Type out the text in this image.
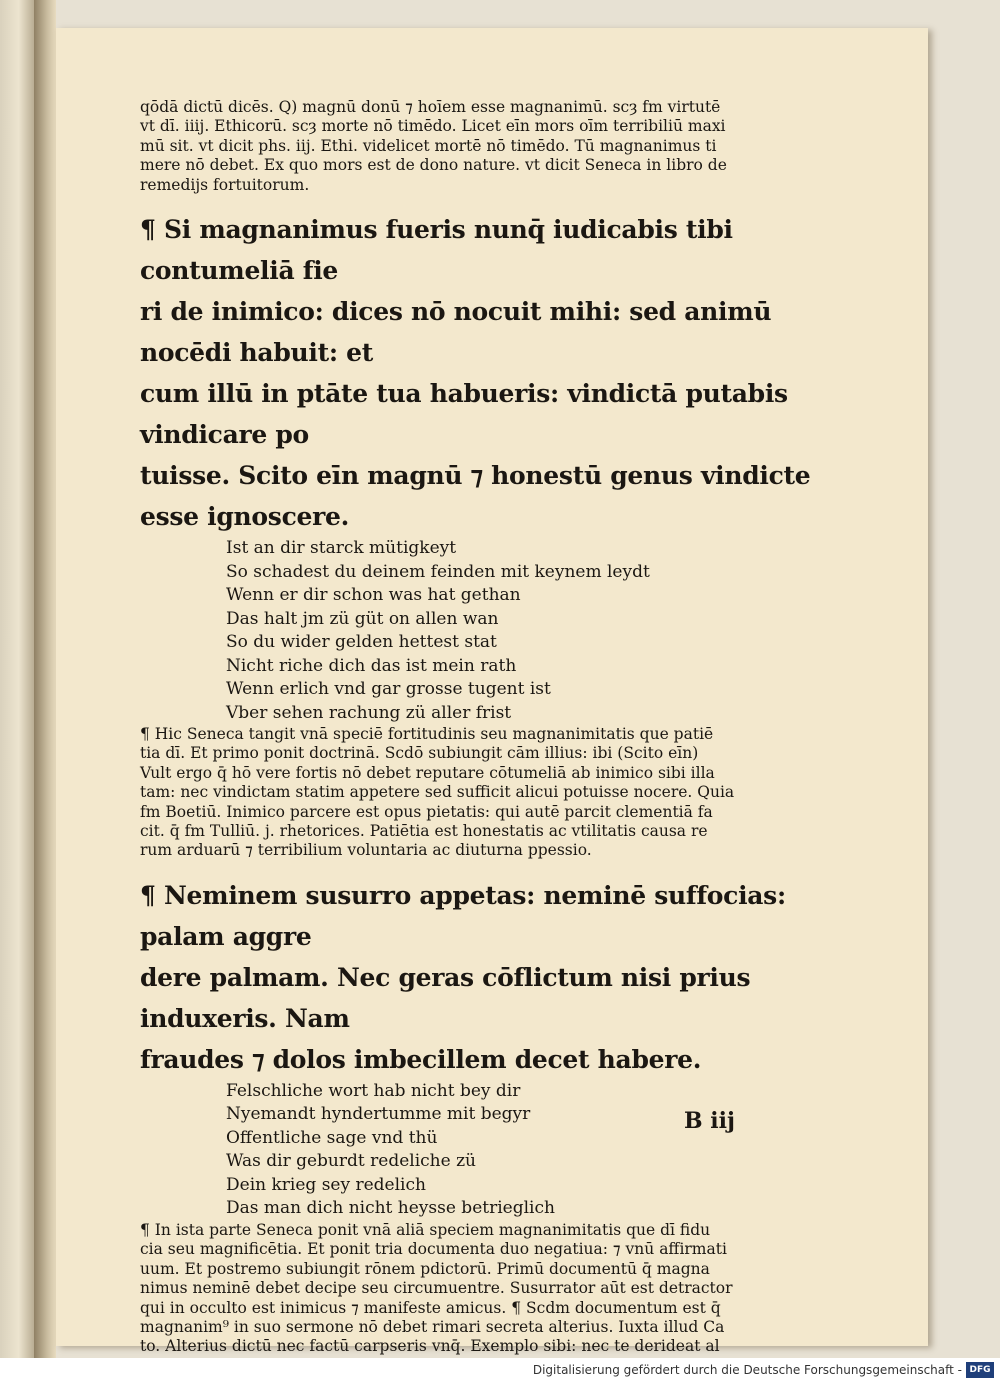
qōdā dictū dicēs. Q) magnū donū ⁊ hoīem esse magnanimū. scȝ fm virtutē
vt dī. iiij. Ethicorū. scȝ morte nō timēdo. Licet eīn mors oīm terribiliū maxi
mū sit. vt dicit phs. iij. Ethi. videlicet mortē nō timēdo. Tū magnanimus ti
mere nō debet. Ex quo mors est de dono nature. vt dicit Seneca in libro de
remedijs fortuitorum.

¶ Si magnanimus fueris nunq̄ iudicabis tibi contumeliā fie
ri de inimico: dices nō nocuit mihi: sed animū nocēdi habuit: et
cum illū in ptāte tua habueris: vindictā putabis vindicare po
tuisse. Scito eīn magnū ⁊ honestū genus vindicte esse ignoscere.

Ist an dir starck mütigkeyt
So schadest du deinem feinden mit keynem leydt
Wenn er dir schon was hat gethan
Das halt jm zü güt on allen wan
So du wider gelden hettest stat
Nicht riche dich das ist mein rath
Wenn erlich vnd gar grosse tugent ist
Vber sehen rachung zü aller frist

¶ Hic Seneca tangit vnā speciē fortitudinis seu magnanimitatis que patiē
tia dī. Et primo ponit doctrinā. Scdō subiungit cām illius: ibi (Scito eīn)
Vult ergo q̄ hō vere fortis nō debet reputare cōtumeliā ab inimico sibi illa
tam: nec vindictam statim appetere sed sufficit alicui potuisse nocere. Quia
fm Boetiū. Inimico parcere est opus pietatis: qui autē parcit clementiā fa
cit. q̄ fm Tulliū. j. rhetorices. Patiētia est honestatis ac vtilitatis causa re
rum arduarū ⁊ terribilium voluntaria ac diuturna ppessio.

¶ Neminem susurro appetas: neminē suffocias: palam aggre
dere palmam. Nec geras cōflictum nisi prius induxeris. Nam
fraudes ⁊ dolos imbecillem decet habere.

Felschliche wort hab nicht bey dir
Nyemandt hyndertumme mit begyr
Offentliche sage vnd thü
Was dir geburdt redeliche zü
Dein krieg sey redelich
Das man dich nicht heysse betrieglich

¶ In ista parte Seneca ponit vnā aliā speciem magnanimitatis que dī fidu
cia seu magnificētia. Et ponit tria documenta duo negatiua: ⁊ vnū affirmati
uum. Et postremo subiungit rōnem pdictorū. Primū documentū q̄ magna
nimus neminē debet decipe seu circumuentre. Susurrator aūt est detractor
qui in occulto est inimicus ⁊ manifeste amicus. ¶ Scdm documentum est q̄
magnanim⁹ in suo sermone nō debet rimari secreta alterius. Iuxta illud Ca
to. Alterius dictū nec factū carpseris vnq̄. Exemplo sibi: nec te derideat al

B iij
Digitalisierung gefördert durch die Deutsche Forschungsgemeinschaft - DFG
